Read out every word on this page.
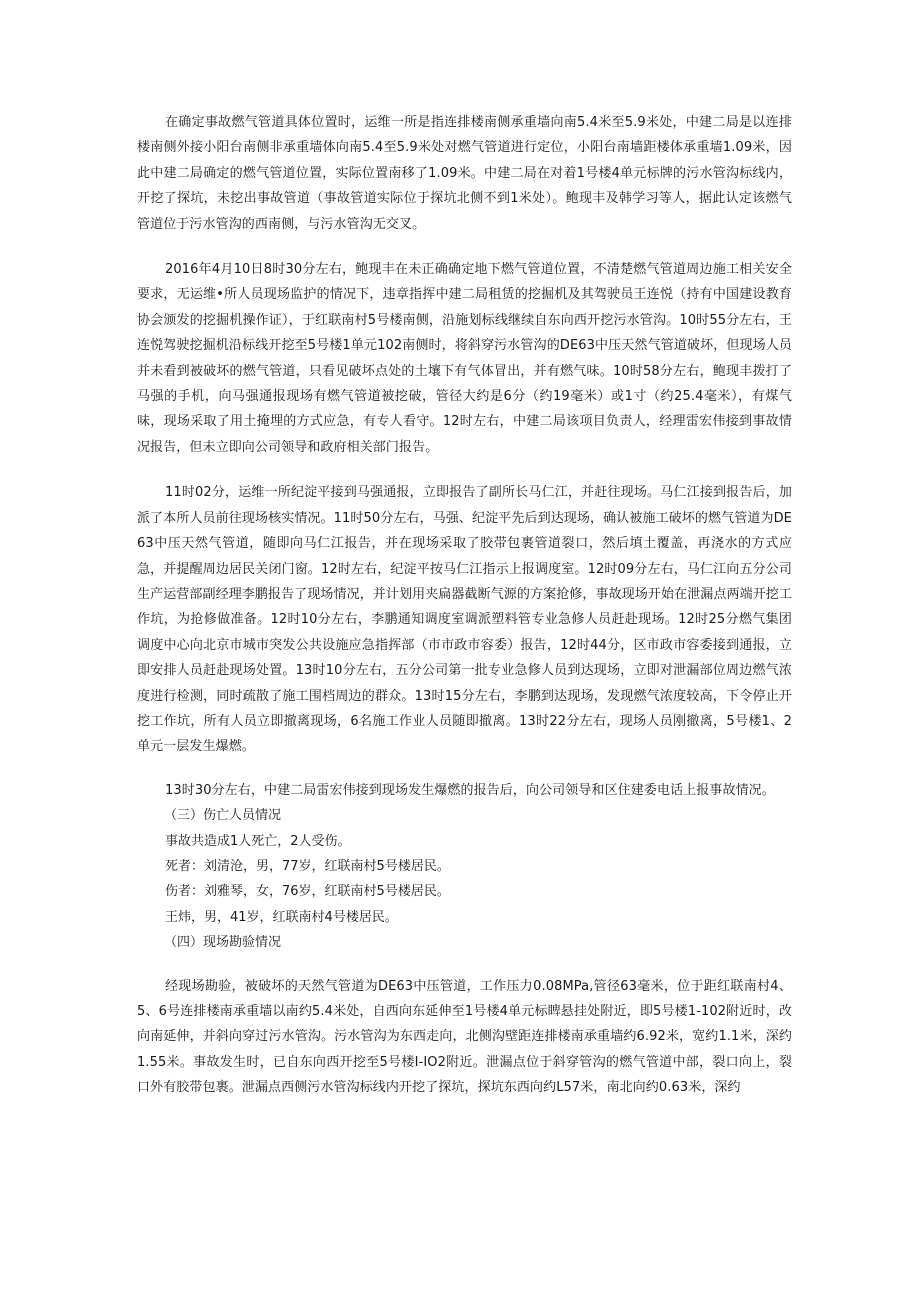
在确定事故燃气管道具体位置时，运维一所是指连排楼南侧承重墙向南5.4米至5.9米处，中建二局是以连排楼南侧外接小阳台南侧非承重墙体向南5.4至5.9米处对燃气管道进行定位，小阳台南墙距楼体承重墙1.09米，因此中建二局确定的燃气管道位置，实际位置南移了1.09米。中建二局在对着1号楼4单元标牌的污水管沟标线内，开挖了探坑，未挖出事故管道（事故管道实际位于探坑北侧不到1米处）。鲍现丰及韩学习等人，据此认定该燃气管道位于污水管沟的西南侧，与污水管沟无交叉。

2016年4月10日8时30分左右，鲍现丰在未正确确定地下燃气管道位置，不清楚燃气管道周边施工相关安全要求，无运维•所人员现场监护的情况下，违章指挥中建二局租赁的挖掘机及其驾驶员王连悦（持有中国建设教育协会颁发的挖掘机操作证），于红联南村5号楼南侧，沿施划标线继续自东向西开挖污水管沟。10时55分左右，王连悦驾驶挖掘机沿标线开挖至5号楼1单元102南侧时，将斜穿污水管沟的DE63中压天然气管道破坏，但现场人员并未看到被破坏的燃气管道，只看见破坏点处的土壤下有气体冒出，并有燃气味。10时58分左右，鲍现丰拨打了马强的手机，向马强通报现场有燃气管道被挖破，管径大约是6分（约19毫米）或1寸（约25.4毫米），有煤气味，现场采取了用土掩埋的方式应急，有专人看守。12时左右，中建二局该项目负责人，经理雷宏伟接到事故情况报告，但未立即向公司领导和政府相关部门报告。

11时02分，运维一所纪淀平接到马强通报，立即报告了副所长马仁江，并赶往现场。马仁江接到报告后，加派了本所人员前往现场核实情况。11时50分左右，马强、纪淀平先后到达现场，确认被施工破坏的燃气管道为DE63中压天然气管道，随即向马仁江报告，并在现场采取了胶带包裹管道裂口，然后填土覆盖，再浇水的方式应急，并提醒周边居民关闭门窗。12时左右，纪淀平按马仁江指示上报调度室。12时09分左右，马仁江向五分公司生产运营部副经理李鹏报告了现场情况，并计划用夹扁器截断气源的方案抢修，事故现场开始在泄漏点两端开挖工作坑，为抢修做准备。12时10分左右，李鹏通知调度室调派塑料管专业急修人员赶赴现场。12时25分燃气集团调度中心向北京市城市突发公共设施应急指挥部（市市政市容委）报告，12时44分，区市政市容委接到通报，立即安排人员赶赴现场处置。13时10分左右，五分公司第一批专业急修人员到达现场，立即对泄漏部位周边燃气浓度进行检测，同时疏散了施工围档周边的群众。13时15分左右，李鹏到达现场，发现燃气浓度较高，下令停止开挖工作坑，所有人员立即撤离现场，6名施工作业人员随即撤离。13时22分左右，现场人员刚撤离，5号楼1、2单元一层发生爆燃。

13时30分左右，中建二局雷宏伟接到现场发生爆燃的报告后，向公司领导和区住建委电话上报事故情况。

（三）伤亡人员情况

事故共造成1人死亡，2人受伤。

死者：刘清沧，男，77岁，红联南村5号楼居民。

伤者：刘雅琴，女，76岁，红联南村5号楼居民。

王炜，男，41岁，红联南村4号楼居民。

（四）现场勘验情况

经现场勘验，被破坏的天然气管道为DE63中压管道，工作压力0.08MPa,管径63毫米，位于距红联南村4、5、6号连排楼南承重墙以南约5.4米处，自西向东延伸至1号楼4单元标睥悬挂处附近，即5号楼1-102附近时，改向南延伸，并斜向穿过污水管沟。污水管沟为东西走向，北侧沟壁距连排楼南承重墙约6.92米，宽约1.1米，深约1.55米。事故发生时，已自东向西开挖至5号楼I-IO2附近。泄漏点位于斜穿管沟的燃气管道中部，裂口向上，裂口外有胶带包裹。泄漏点西侧污水管沟标线内开挖了探坑，探坑东西向约L57米，南北向约0.63米，深约
